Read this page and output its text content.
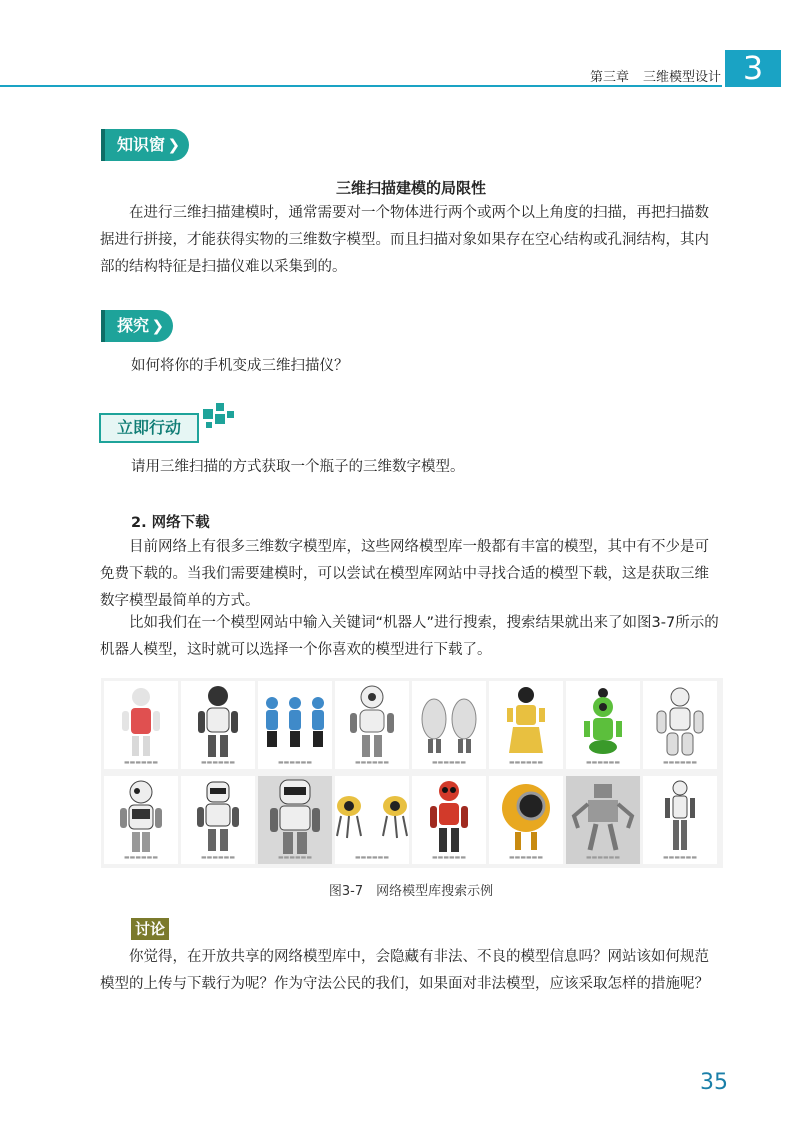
第三章 三维模型设计 3
知识窗 ❯
三维扫描建模的局限性
在进行三维扫描建模时，通常需要对一个物体进行两个或两个以上角度的扫描，再把扫描数据进行拼接，才能获得实物的三维数字模型。而且扫描对象如果存在空心结构或孔洞结构，其内部的结构特征是扫描仪难以采集到的。
探究 ❯
如何将你的手机变成三维扫描仪？
立即行动
请用三维扫描的方式获取一个瓶子的三维数字模型。
2. 网络下载
目前网络上有很多三维数字模型库，这些网络模型库一般都有丰富的模型，其中有不少是可免费下载的。当我们需要建模时，可以尝试在模型库网站中寻找合适的模型下载，这是获取三维数字模型最简单的方式。
比如我们在一个模型网站中输入关键词“机器人”进行搜索，搜索结果就出来了如图3-7所示的机器人模型，这时就可以选择一个你喜欢的模型进行下载了。
▬▬▬▬▬▬	▬▬▬▬▬▬	▬▬▬▬▬▬	▬▬▬▬▬▬	▬▬▬▬▬▬	▬▬▬▬▬▬	▬▬▬▬▬▬	▬▬▬▬▬▬
▬▬▬▬▬▬	▬▬▬▬▬▬	▬▬▬▬▬▬	▬▬▬▬▬▬	▬▬▬▬▬▬	▬▬▬▬▬▬	▬▬▬▬▬▬	▬▬▬▬▬▬
图3-7　网络模型库搜索示例
讨论
你觉得，在开放共享的网络模型库中，会隐藏有非法、不良的模型信息吗？网站该如何规范模型的上传与下载行为呢？作为守法公民的我们，如果面对非法模型，应该采取怎样的措施呢？
35
